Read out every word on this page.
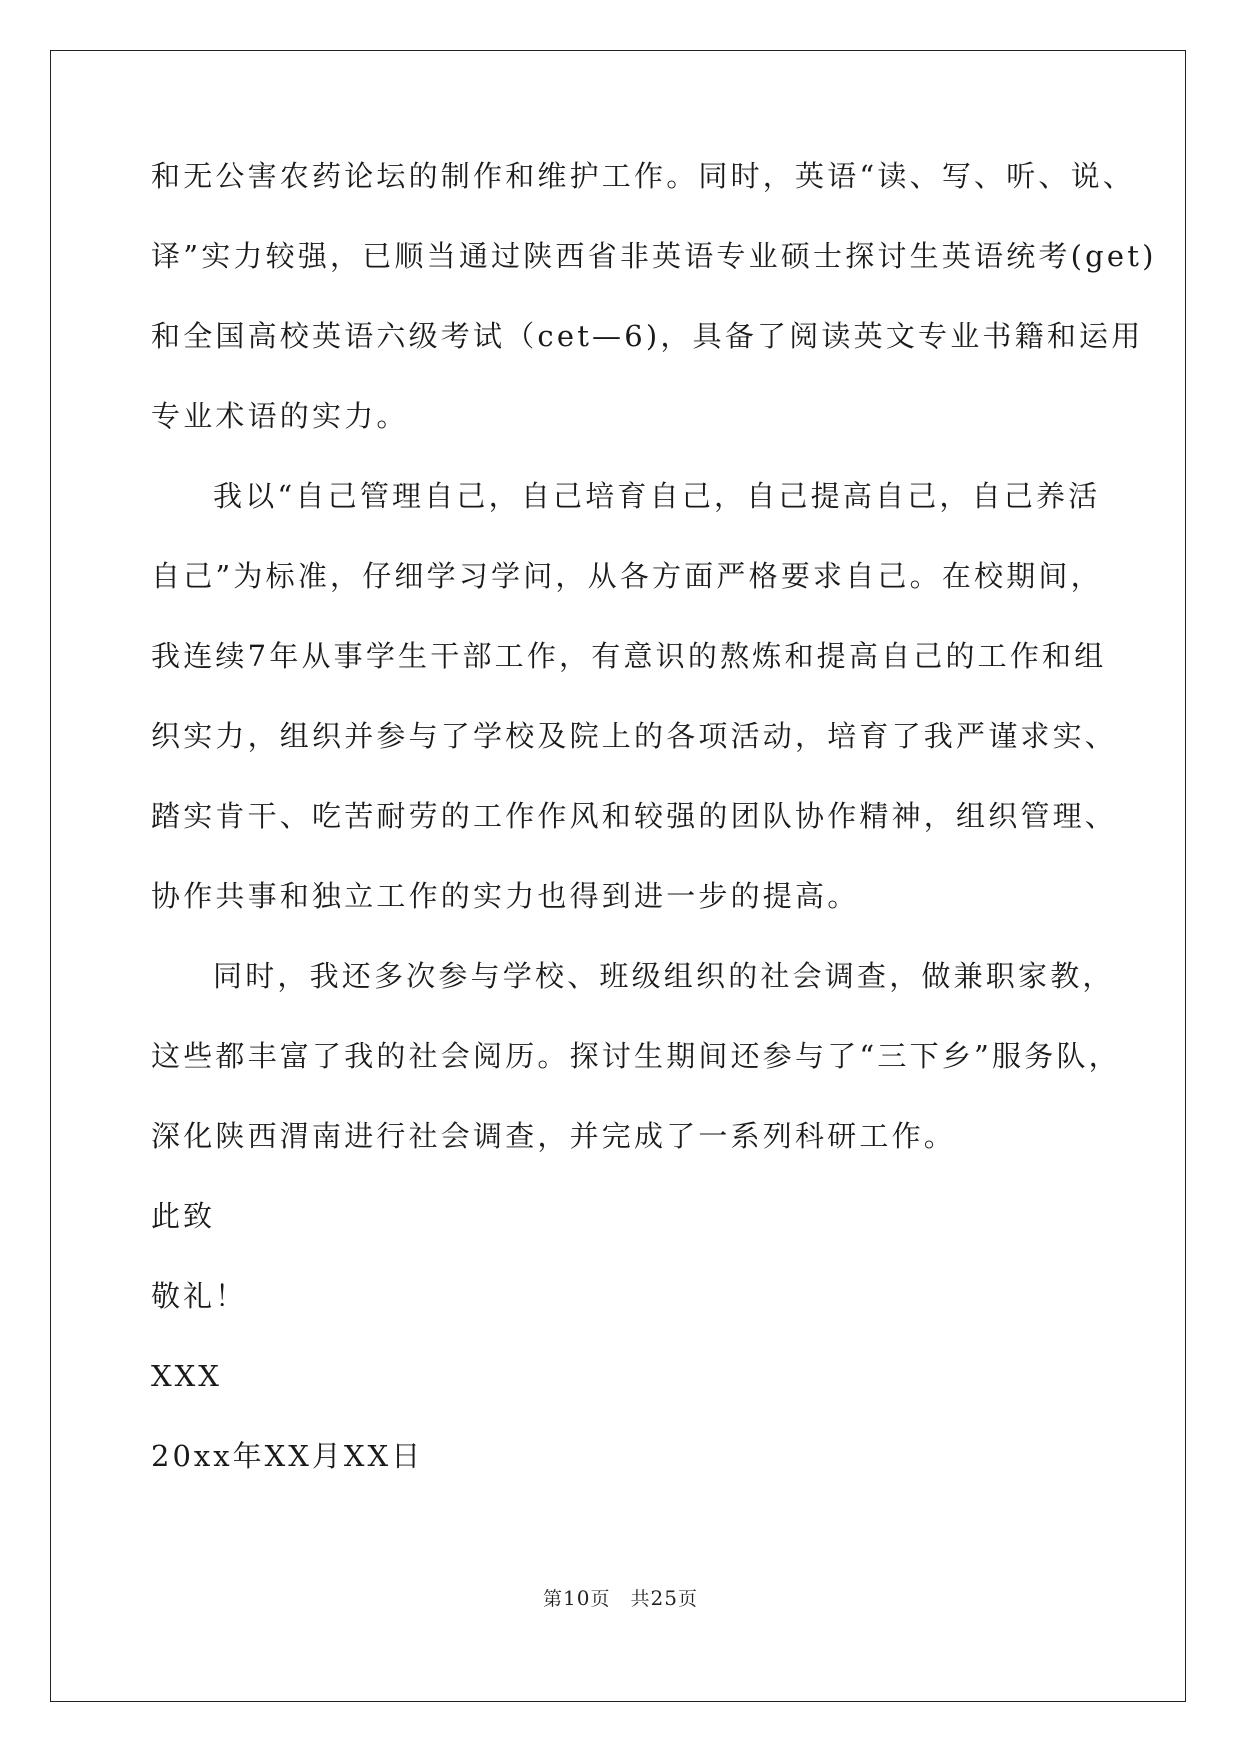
和无公害农药论坛的制作和维护工作。同时，英语“读、写、听、说、

译”实力较强，已顺当通过陕西省非英语专业硕士探讨生英语统考(get)

和全国高校英语六级考试（cet—6)，具备了阅读英文专业书籍和运用

专业术语的实力。

我以“自己管理自己，自己培育自己，自己提高自己，自己养活

自己”为标准，仔细学习学问，从各方面严格要求自己。在校期间，

我连续7年从事学生干部工作，有意识的熬炼和提高自己的工作和组

织实力，组织并参与了学校及院上的各项活动，培育了我严谨求实、

踏实肯干、吃苦耐劳的工作作风和较强的团队协作精神，组织管理、

协作共事和独立工作的实力也得到进一步的提高。

同时，我还多次参与学校、班级组织的社会调查，做兼职家教，

这些都丰富了我的社会阅历。探讨生期间还参与了“三下乡”服务队，

深化陕西渭南进行社会调查，并完成了一系列科研工作。

此致

敬礼！

XXX

20xx年XX月XX日

第10页　共25页
